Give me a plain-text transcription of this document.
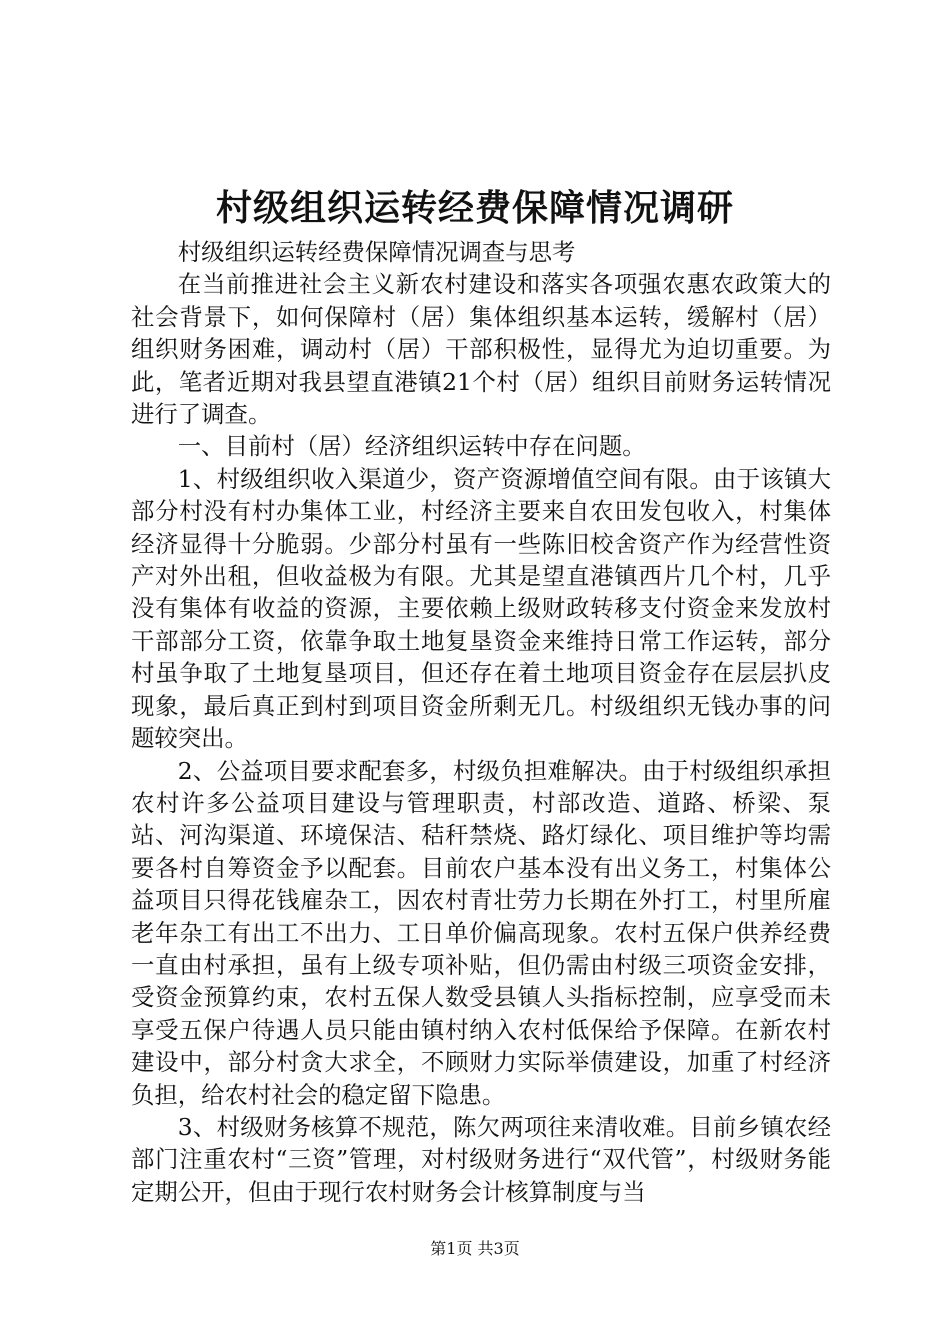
村级组织运转经费保障情况调研

村级组织运转经费保障情况调查与思考

在当前推进社会主义新农村建设和落实各项强农惠农政策大的社会背景下，如何保障村（居）集体组织基本运转，缓解村（居）组织财务困难，调动村（居）干部积极性，显得尤为迫切重要。为此，笔者近期对我县望直港镇21个村（居）组织目前财务运转情况进行了调查。

一、目前村（居）经济组织运转中存在问题。

1、村级组织收入渠道少，资产资源增值空间有限。由于该镇大部分村没有村办集体工业，村经济主要来自农田发包收入，村集体经济显得十分脆弱。少部分村虽有一些陈旧校舍资产作为经营性资产对外出租，但收益极为有限。尤其是望直港镇西片几个村，几乎没有集体有收益的资源，主要依赖上级财政转移支付资金来发放村干部部分工资，依靠争取土地复垦资金来维持日常工作运转，部分村虽争取了土地复垦项目，但还存在着土地项目资金存在层层扒皮现象，最后真正到村到项目资金所剩无几。村级组织无钱办事的问题较突出。

2、公益项目要求配套多，村级负担难解决。由于村级组织承担农村许多公益项目建设与管理职责，村部改造、道路、桥梁、泵站、河沟渠道、环境保洁、秸秆禁烧、路灯绿化、项目维护等均需要各村自筹资金予以配套。目前农户基本没有出义务工，村集体公益项目只得花钱雇杂工，因农村青壮劳力长期在外打工，村里所雇老年杂工有出工不出力、工日单价偏高现象。农村五保户供养经费一直由村承担，虽有上级专项补贴，但仍需由村级三项资金安排，受资金预算约束，农村五保人数受县镇人头指标控制，应享受而未享受五保户待遇人员只能由镇村纳入农村低保给予保障。在新农村建设中，部分村贪大求全，不顾财力实际举债建设，加重了村经济负担，给农村社会的稳定留下隐患。

3、村级财务核算不规范，陈欠两项往来清收难。目前乡镇农经部门注重农村“三资”管理，对村级财务进行“双代管”，村级财务能定期公开，但由于现行农村财务会计核算制度与当

第1页 共3页
